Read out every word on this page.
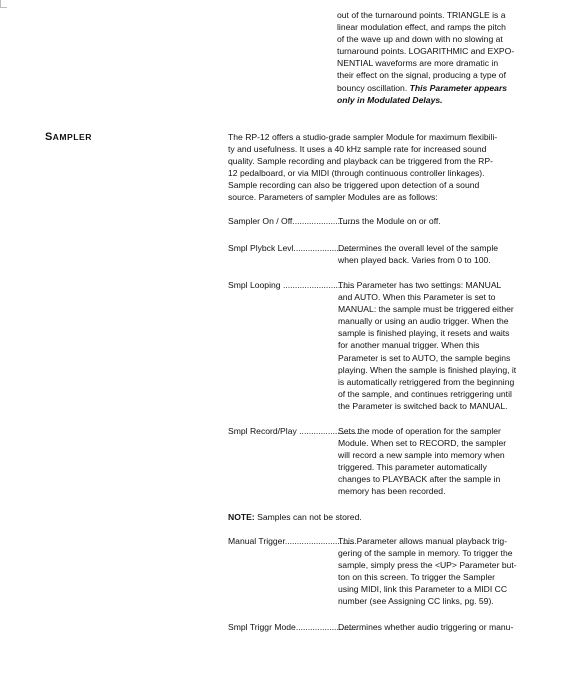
out of the turnaround points. TRIANGLE is a
linear modulation effect, and ramps the pitch
of the wave up and down with no slowing at
turnaround points. LOGARITHMIC and EXPO-
NENTIAL waveforms are more dramatic in
their effect on the signal, producing a type of
bouncy oscillation. This Parameter appears
only in Modulated Delays.
SAMPLER	The RP-12 offers a studio-grade sampler Module for maximum flexibili-
ty and usefulness. It uses a 40 kHz sample rate for increased sound
quality. Sample recording and playback can be triggered from the RP-
12 pedalboard, or via MIDI (through continuous controller linkages).
Sample recording can also be triggered upon detection of a sound
source. Parameters of sampler Modules are as follows:
Sampler On / Off..........................
Turns the Module on or off.
Smpl Plybck Levl..........................
Determines the overall level of the sample
when played back. Varies from 0 to 100.
Smpl Looping ..............................
This Parameter has two settings: MANUAL
and AUTO. When this Parameter is set to
MANUAL: the sample must be triggered either
manually or using an audio trigger. When the
sample is finished playing, it resets and waits
for another manual trigger. When this
Parameter is set to AUTO, the sample begins
playing. When the sample is finished playing, it
is automatically retriggered from the beginning
of the sample, and continues retriggering until
the Parameter is switched back to MANUAL.
Smpl Record/Play ..........................
Sets the mode of operation for the sampler
Module. When set to RECORD, the sampler
will record a new sample into memory when
triggered. This parameter automatically
changes to PLAYBACK after the sample in
memory has been recorded.
NOTE: Samples can not be stored.
Manual Trigger..............................
This Parameter allows manual playback trig-
gering of the sample in memory. To trigger the
sample, simply press the <UP> Parameter but-
ton on this screen. To trigger the Sampler
using MIDI, link this Parameter to a MIDI CC
number (see Assigning CC links, pg. 59).
Smpl Triggr Mode..........................
Determines whether audio triggering or manu-
